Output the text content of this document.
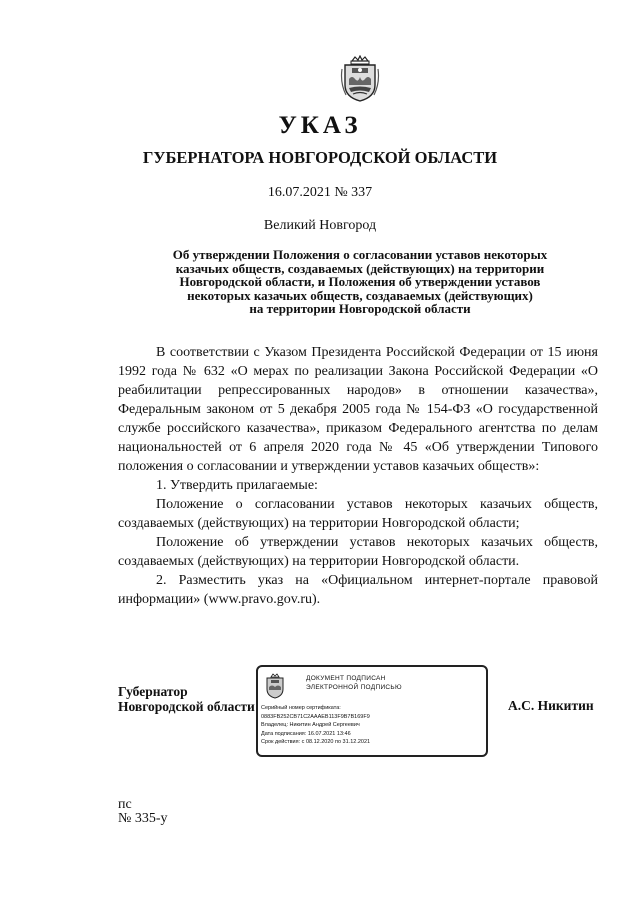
УКАЗ
ГУБЕРНАТОРА НОВГОРОДСКОЙ ОБЛАСТИ
16.07.2021 № 337
Великий Новгород
Об утверждении Положения о согласовании уставов некоторых
казачьих обществ, создаваемых (действующих) на территории
Новгородской области, и Положения об утверждении уставов
некоторых казачьих обществ, создаваемых (действующих)
на территории Новгородской области

В соответствии с Указом Президента Российской Федерации от 15 июня 1992 года № 632 «О мерах по реализации Закона Российской Федерации «О реабилитации репрессированных народов» в отношении казачества», Федеральным законом от 5 декабря 2005 года № 154-ФЗ «О государственной службе российского казачества», приказом Федерального агентства по делам национальностей от 6 апреля 2020 года № 45 «Об утверждении Типового положения о согласовании и утверждении уставов казачьих обществ»:

1. Утвердить прилагаемые:

Положение о согласовании уставов некоторых казачьих обществ, создаваемых (действующих) на территории Новгородской области;

Положение об утверждении уставов некоторых казачьих обществ, создаваемых (действующих) на территории Новгородской области.

2. Разместить указ на «Официальном интернет-портале правовой информации» (www.pravo.gov.ru).

Губернатор
Новгородской области
ДОКУМЕНТ ПОДПИСАН
ЭЛЕКТРОННОЙ ПОДПИСЬЮ
Серийный номер сертификата:
0883FB252CB71C2AAAEB113F9B7B169F9
Владелец: Никитин Андрей Сергеевич
Дата подписания: 16.07.2021 13:46
Срок действия: с 08.12.2020 по 31.12.2021
А.С. Никитин
пс
№ 335-у
